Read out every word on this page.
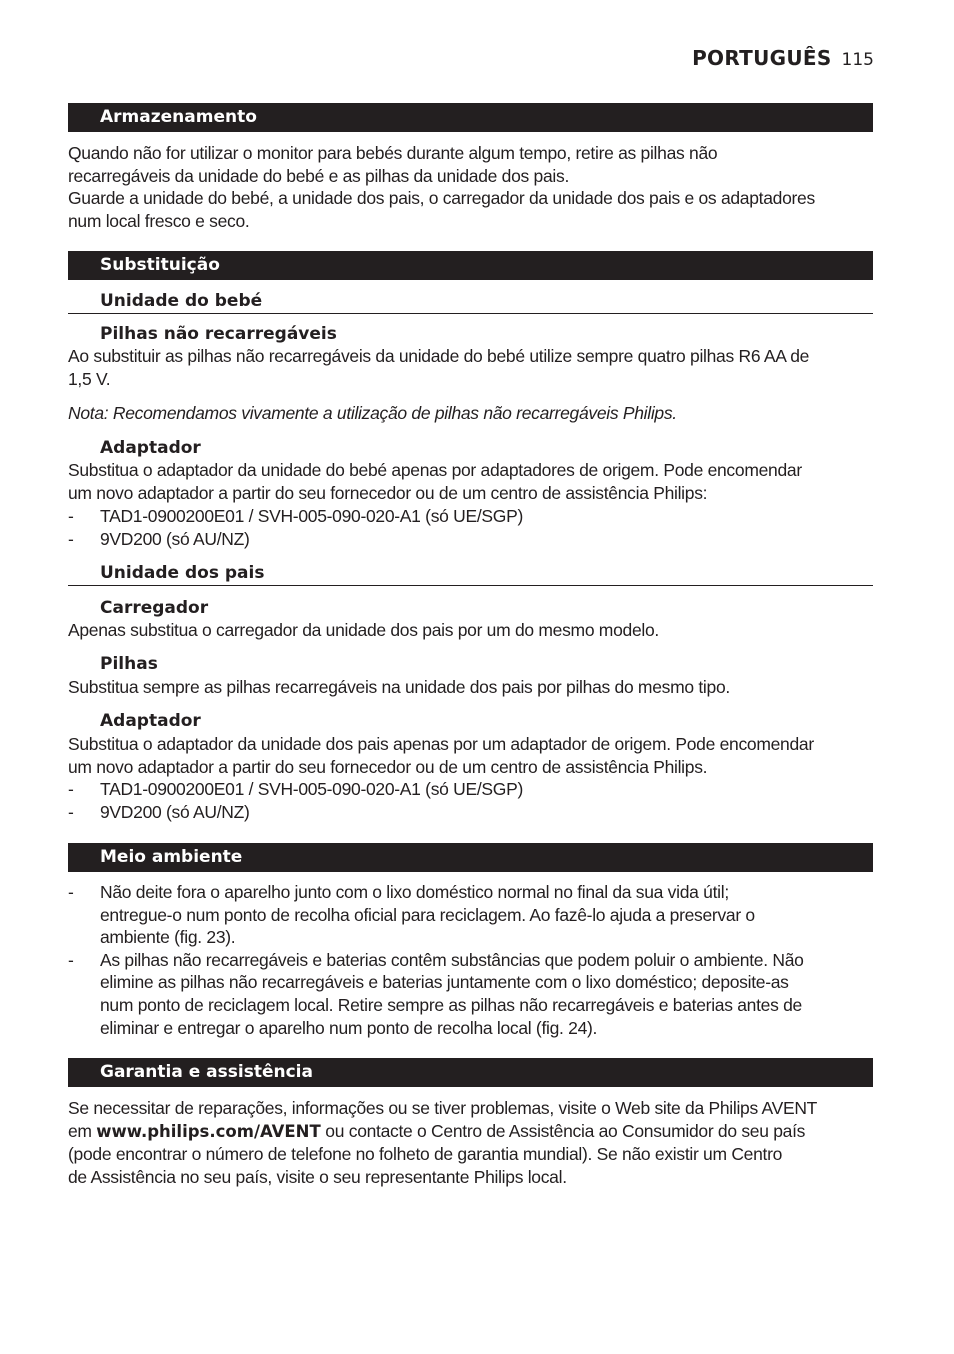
PORTUGUÊS 115
Armazenamento

Quando não for utilizar o monitor para bebés durante algum tempo, retire as pilhas não
recarregáveis da unidade do bebé e as pilhas da unidade dos pais.

Guarde a unidade do bebé, a unidade dos pais, o carregador da unidade dos pais e os adaptadores
num local fresco e seco.

Substituição
Unidade do bebé
Pilhas não recarregáveis

Ao substituir as pilhas não recarregáveis da unidade do bebé utilize sempre quatro pilhas R6 AA de
1,5 V.

Nota: Recomendamos vivamente a utilização de pilhas não recarregáveis Philips.

Adaptador

Substitua o adaptador da unidade do bebé apenas por adaptadores de origem. Pode encomendar
um novo adaptador a partir do seu fornecedor ou de um centro de assistência Philips:

- TAD1-0900200E01 / SVH-005-090-020-A1 (só UE/SGP)
- 9VD200 (só AU/NZ)
Unidade dos pais
Carregador

Apenas substitua o carregador da unidade dos pais por um do mesmo modelo.

Pilhas

Substitua sempre as pilhas recarregáveis na unidade dos pais por pilhas do mesmo tipo.

Adaptador

Substitua o adaptador da unidade dos pais apenas por um adaptador de origem. Pode encomendar
um novo adaptador a partir do seu fornecedor ou de um centro de assistência Philips.

- TAD1-0900200E01 / SVH-005-090-020-A1 (só UE/SGP)
- 9VD200 (só AU/NZ)
Meio ambiente
- Não deite fora o aparelho junto com o lixo doméstico normal no final da sua vida útil;
entregue-o num ponto de recolha oficial para reciclagem. Ao fazê-lo ajuda a preservar o
ambiente (fig. 23).
- As pilhas não recarregáveis e baterias contêm substâncias que podem poluir o ambiente. Não
elimine as pilhas não recarregáveis e baterias juntamente com o lixo doméstico; deposite-as
num ponto de reciclagem local. Retire sempre as pilhas não recarregáveis e baterias antes de
eliminar e entregar o aparelho num ponto de recolha local (fig. 24).
Garantia e assistência

Se necessitar de reparações, informações ou se tiver problemas, visite o Web site da Philips AVENT
em www.philips.com/AVENT ou contacte o Centro de Assistência ao Consumidor do seu país
(pode encontrar o número de telefone no folheto de garantia mundial). Se não existir um Centro
de Assistência no seu país, visite o seu representante Philips local.
